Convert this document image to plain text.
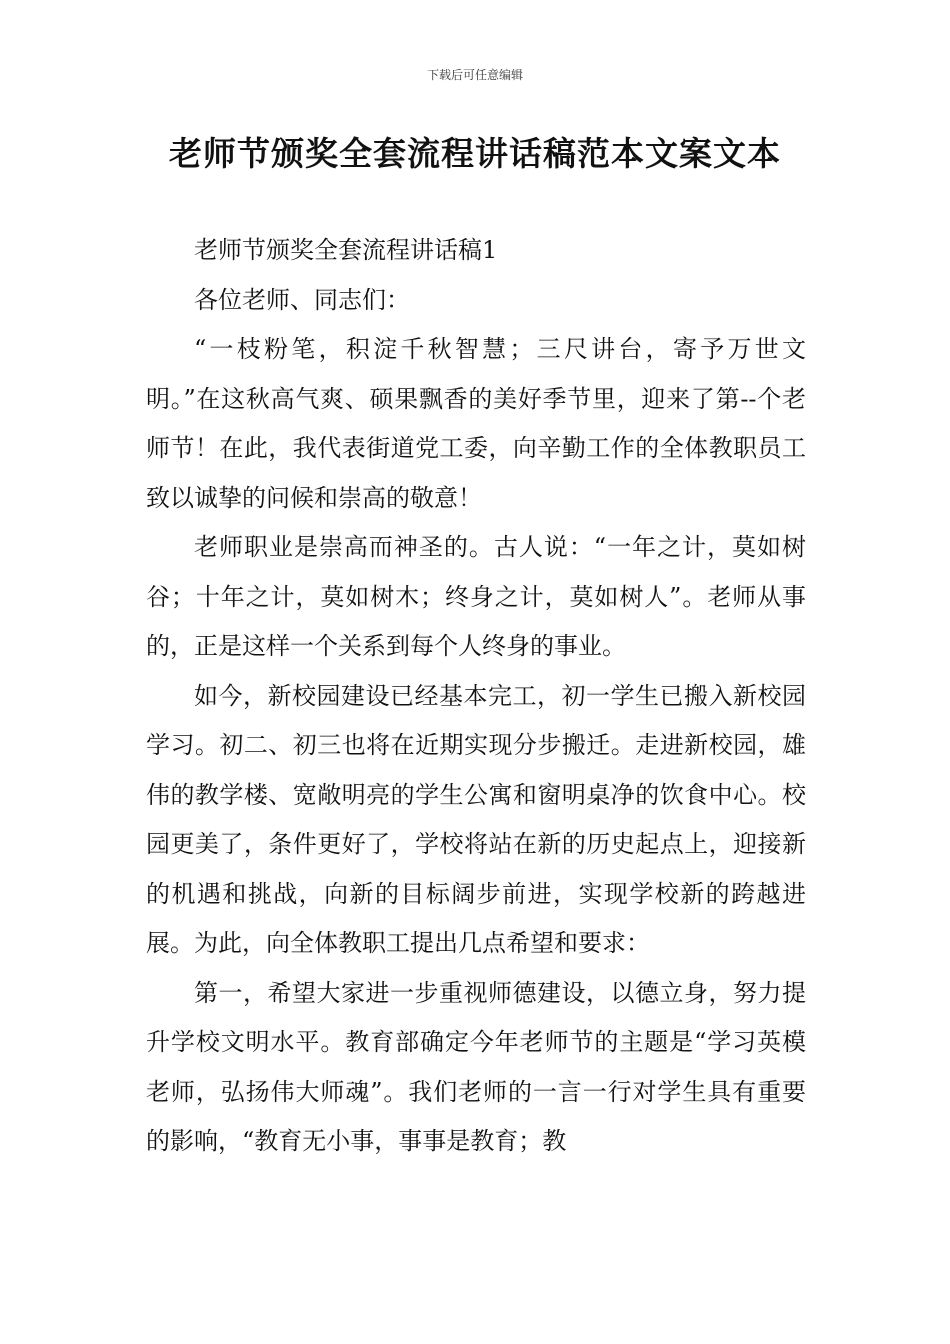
下载后可任意编辑
老师节颁奖全套流程讲话稿范本文案文本

老师节颁奖全套流程讲话稿1

各位老师、同志们：

“一枝粉笔，积淀千秋智慧；三尺讲台，寄予万世文明。”在这秋高气爽、硕果飘香的美好季节里，迎来了第--个老师节！在此，我代表街道党工委，向辛勤工作的全体教职员工致以诚挚的问候和崇高的敬意！

老师职业是崇高而神圣的。古人说：“一年之计，莫如树谷；十年之计，莫如树木；终身之计，莫如树人”。老师从事的，正是这样一个关系到每个人终身的事业。

如今，新校园建设已经基本完工，初一学生已搬入新校园学习。初二、初三也将在近期实现分步搬迁。走进新校园，雄伟的教学楼、宽敞明亮的学生公寓和窗明桌净的饮食中心。校园更美了，条件更好了，学校将站在新的历史起点上，迎接新的机遇和挑战，向新的目标阔步前进，实现学校新的跨越进展。为此，向全体教职工提出几点希望和要求：

第一，希望大家进一步重视师德建设，以德立身，努力提升学校文明水平。教育部确定今年老师节的主题是“学习英模老师，弘扬伟大师魂”。我们老师的一言一行对学生具有重要的影响，“教育无小事，事事是教育；教
